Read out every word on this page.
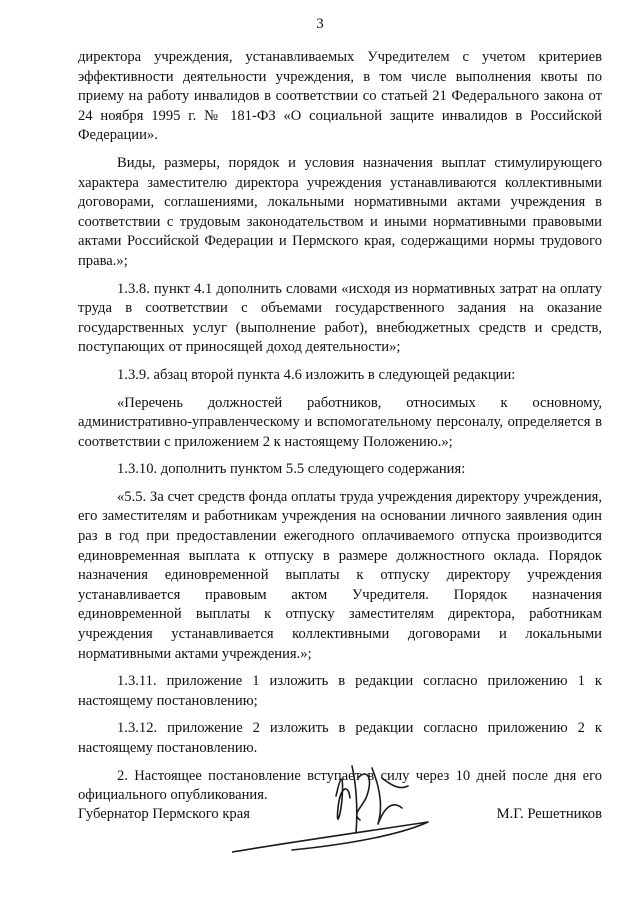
3

директора учреждения, устанавливаемых Учредителем с учетом критериев эффективности деятельности учреждения, в том числе выполнения квоты по приему на работу инвалидов в соответствии со статьей 21 Федерального закона от 24 ноября 1995 г. № 181-ФЗ «О социальной защите инвалидов в Российской Федерации».

Виды, размеры, порядок и условия назначения выплат стимулирующего характера заместителю директора учреждения устанавливаются коллективными договорами, соглашениями, локальными нормативными актами учреждения в соответствии с трудовым законодательством и иными нормативными правовыми актами Российской Федерации и Пермского края, содержащими нормы трудового права.»;

1.3.8. пункт 4.1 дополнить словами «исходя из нормативных затрат на оплату труда в соответствии с объемами государственного задания на оказание государственных услуг (выполнение работ), внебюджетных средств и средств, поступающих от приносящей доход деятельности»;

1.3.9. абзац второй пункта 4.6 изложить в следующей редакции:

«Перечень должностей работников, относимых к основному, административно-управленческому и вспомогательному персоналу, определяется в соответствии с приложением 2 к настоящему Положению.»;

1.3.10. дополнить пунктом 5.5 следующего содержания:

«5.5. За счет средств фонда оплаты труда учреждения директору учреждения, его заместителям и работникам учреждения на основании личного заявления один раз в год при предоставлении ежегодного оплачиваемого отпуска производится единовременная выплата к отпуску в размере должностного оклада. Порядок назначения единовременной выплаты к отпуску директору учреждения устанавливается правовым актом Учредителя. Порядок назначения единовременной выплаты к отпуску заместителям директора, работникам учреждения устанавливается коллективными договорами и локальными нормативными актами учреждения.»;

1.3.11. приложение 1 изложить в редакции согласно приложению 1 к настоящему постановлению;

1.3.12. приложение 2 изложить в редакции согласно приложению 2 к настоящему постановлению.

2. Настоящее постановление вступает в силу через 10 дней после дня его официального опубликования.

Губернатор Пермского края	М.Г. Решетников
